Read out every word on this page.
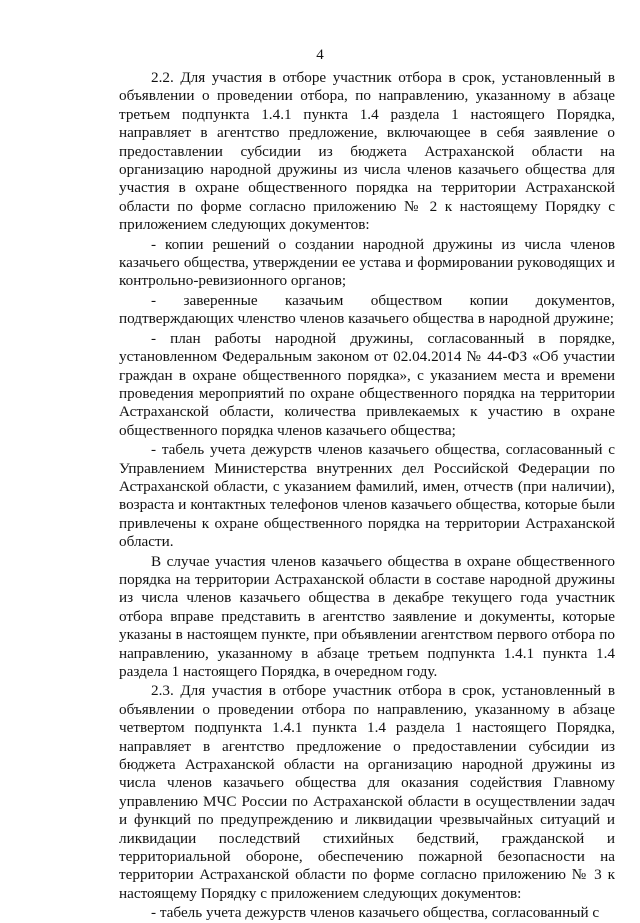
4

2.2. Для участия в отборе участник отбора в срок, установленный в объявлении о проведении отбора, по направлению, указанному в абзаце третьем подпункта 1.4.1 пункта 1.4 раздела 1 настоящего Порядка, направляет в агентство предложение, включающее в себя заявление о предоставлении субсидии из бюджета Астраханской области на организацию народной дружины из числа членов казачьего общества для участия в охране общественного порядка на территории Астраханской области по форме согласно приложению № 2 к настоящему Порядку с приложением следующих документов:

- копии решений о создании народной дружины из числа членов казачьего общества, утверждении ее устава и формировании руководящих и контрольно-ревизионного органов;

- заверенные казачьим обществом копии документов, подтверждающих членство членов казачьего общества в народной дружине;

- план работы народной дружины, согласованный в порядке, установленном Федеральным законом от 02.04.2014 № 44-ФЗ «Об участии граждан в охране общественного порядка», с указанием места и времени проведения мероприятий по охране общественного порядка на территории Астраханской области, количества привлекаемых к участию в охране общественного порядка членов казачьего общества;

- табель учета дежурств членов казачьего общества, согласованный с Управлением Министерства внутренних дел Российской Федерации по Астраханской области, с указанием фамилий, имен, отчеств (при наличии), возраста и контактных телефонов членов казачьего общества, которые были привлечены к охране общественного порядка на территории Астраханской области.

В случае участия членов казачьего общества в охране общественного порядка на территории Астраханской области в составе народной дружины из числа членов казачьего общества в декабре текущего года участник отбора вправе представить в агентство заявление и документы, которые указаны в настоящем пункте, при объявлении агентством первого отбора по направлению, указанному в абзаце третьем подпункта 1.4.1 пункта 1.4 раздела 1 настоящего Порядка, в очередном году.

2.3. Для участия в отборе участник отбора в срок, установленный в объявлении о проведении отбора по направлению, указанному в абзаце четвертом подпункта 1.4.1 пункта 1.4 раздела 1 настоящего Порядка, направляет в агентство предложение о предоставлении субсидии из бюджета Астраханской области на организацию народной дружины из числа членов казачьего общества для оказания содействия Главному управлению МЧС России по Астраханской области в осуществлении задач и функций по предупреждению и ликвидации чрезвычайных ситуаций и ликвидации последствий стихийных бедствий, гражданской и территориальной обороне, обеспечению пожарной безопасности на территории Астраханской области по форме согласно приложению № 3 к настоящему Порядку с приложением следующих документов:

- табель учета дежурств членов казачьего общества, согласованный с
